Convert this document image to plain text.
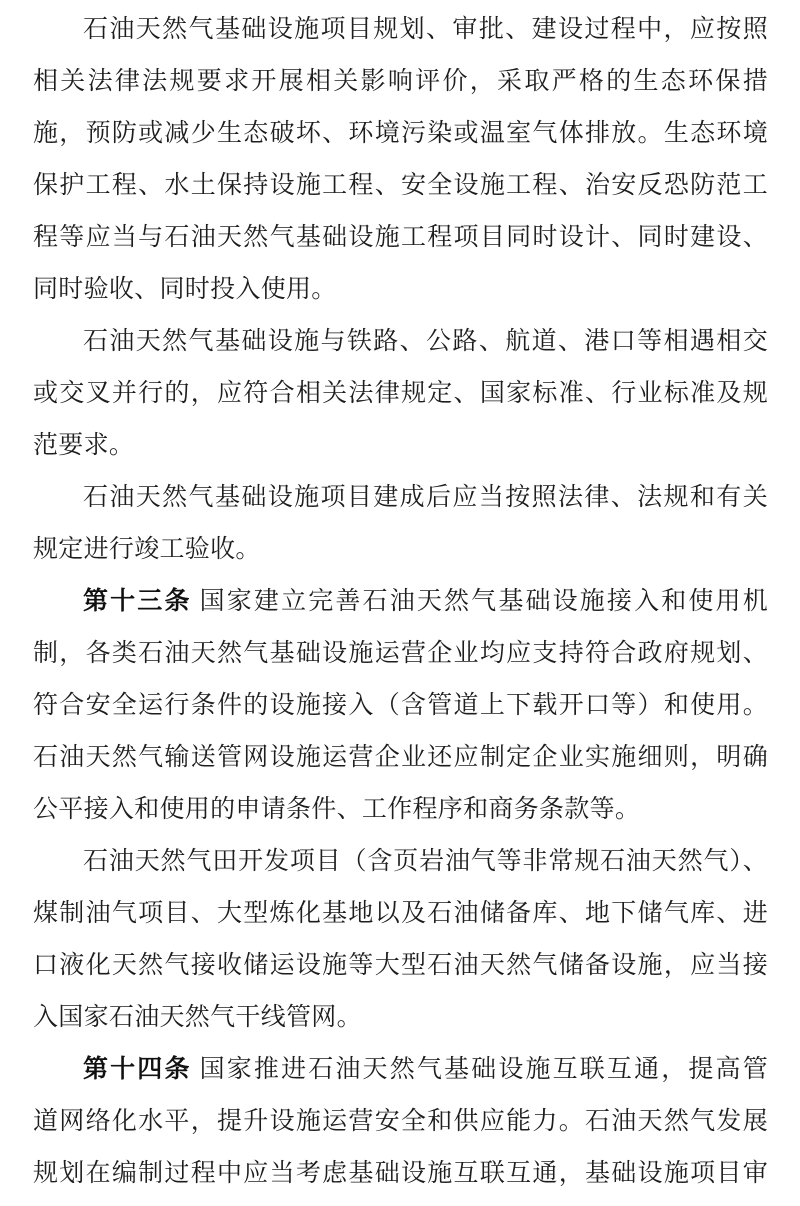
石油天然气基础设施项目规划、审批、建设过程中，应按照
相关法律法规要求开展相关影响评价，采取严格的生态环保措
施，预防或减少生态破坏、环境污染或温室气体排放。生态环境
保护工程、水土保持设施工程、安全设施工程、治安反恐防范工
程等应当与石油天然气基础设施工程项目同时设计、同时建设、
同时验收、同时投入使用。
石油天然气基础设施与铁路、公路、航道、港口等相遇相交
或交叉并行的，应符合相关法律规定、国家标准、行业标准及规
范要求。
石油天然气基础设施项目建成后应当按照法律、法规和有关
规定进行竣工验收。
第十三条 国家建立完善石油天然气基础设施接入和使用机
制，各类石油天然气基础设施运营企业均应支持符合政府规划、
符合安全运行条件的设施接入（含管道上下载开口等）和使用。
石油天然气输送管网设施运营企业还应制定企业实施细则，明确
公平接入和使用的申请条件、工作程序和商务条款等。
石油天然气田开发项目（含页岩油气等非常规石油天然气）、
煤制油气项目、大型炼化基地以及石油储备库、地下储气库、进
口液化天然气接收储运设施等大型石油天然气储备设施，应当接
入国家石油天然气干线管网。
第十四条 国家推进石油天然气基础设施互联互通，提高管
道网络化水平，提升设施运营安全和供应能力。石油天然气发展
规划在编制过程中应当考虑基础设施互联互通，基础设施项目审
